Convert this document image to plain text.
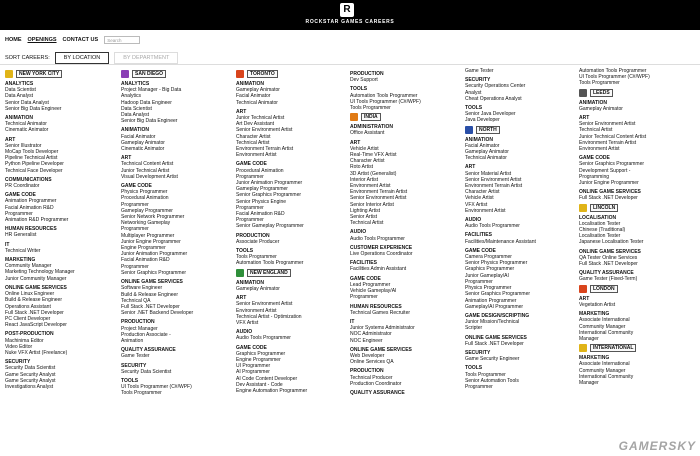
R
ROCKSTAR GAMES CAREERS
HOME OPENINGS CONTACT US	Search
SORT CAREERS:	BY LOCATION	BY DEPARTMENT
NEW YORK CITY
ANALYTICS
Data Scientist
Data Analyst
Senior Data Analyst
Senior Big Data Engineer
ANIMATION
Technical Animator
Cinematic Animator
ART
Senior Illustrator
MoCap Tools Developer
Pipeline Technical Artist
Python Pipeline Developer
Technical Face Developer
COMMUNICATIONS
PR Coordinator
GAME CODE
Animation Programmer
Facial Animation R&D
Programmer
Animation R&D Programmer
HUMAN RESOURCES
HR Generalist
IT
Technical Writer
MARKETING
Community Manager
Marketing Technology Manager
Junior Community Manager
ONLINE GAME SERVICES
Online Linux Engineer
Build & Release Engineer
Operations Assistant
Full Stack .NET Developer
PC Client Developer
React JavaScript Developer
POST-PRODUCTION
Machinima Editor
Video Editor
Nuke VFX Artist (Freelance)
SECURITY
Security Data Scientist
Game Security Analyst
Game Security Analyst
Investigations Analyst
SAN DIEGO
ANALYTICS
Project Manager - Big Data
Analytics
Hadoop Data Engineer
Data Scientist
Data Analyst
Senior Big Data Engineer
ANIMATION
Facial Animator
Gameplay Animator
Cinematic Animator
ART
Technical Content Artist
Junior Technical Artist
Visual Development Artist
GAME CODE
Physics Programmer
Procedural Animation
Programmer
Gameplay Programmer
Senior Network Programmer
Networking Gameplay
Programmer
Multiplayer Programmer
Junior Engine Programmer
Engine Programmer
Junior Animation Programmer
Facial Animation R&D
Programmer
Senior Graphics Programmer
ONLINE GAME SERVICES
Software Engineer
Build & Release Engineer
Technical QA
Full Stack .NET Developer
Senior .NET Backend Developer
PRODUCTION
Project Manager
Production Associate -
Animation
QUALITY ASSURANCE
Game Tester
SECURITY
Security Data Scientist
TOOLS
UI Tools Programmer (C#/WPF)
Tools Programmer
TORONTO
ANIMATION
Gameplay Animator
Facial Animator
Technical Animator
ART
Junior Technical Artist
Art Dev Assistant
Senior Environment Artist
Character Artist
Technical Artist
Environment Terrain Artist
Environment Artist
GAME CODE
Procedural Animation
Programmer
Junior Animation Programmer
Gameplay Programmer
Senior Graphics Programmer
Senior Physics Engine
Programmer
Facial Animation R&D
Programmer
Senior Gameplay Programmer
PRODUCTION
Associate Producer
TOOLS
Tools Programmer
Automation Tools Programmer
NEW ENGLAND
ANIMATION
Gameplay Animator
ART
Senior Environment Artist
Environment Artist
Technical Artist - Optimization
VFX Artist
AUDIO
Audio Tools Programmer
GAME CODE
Graphics Programmer
Engine Programmer
UI Programmer
AI Programmer
AI Code Content Developer
Dev Assistant - Code
Engine Automation Programmer
PRODUCTION
Dev Support
TOOLS
Automation Tools Programmer
UI Tools Programmer (C#/WPF)
Tools Programmer
INDIA
ADMINISTRATION
Office Assistant
ART
Vehicle Artist
Real-Time VFX Artist
Character Artist
Roto Artist
3D Artist (Generalist)
Interior Artist
Environment Artist
Environment Terrain Artist
Senior Environment Artist
Senior Interior Artist
Lighting Artist
Senior Artist
Technical Artist
AUDIO
Audio Tools Programmer
CUSTOMER EXPERIENCE
Live Operations Coordinator
FACILITIES
Facilities Admin Assistant
GAME CODE
Lead Programmer
Vehicle Gameplay/AI
Programmer
HUMAN RESOURCES
Technical Games Recruiter
IT
Junior Systems Administrator
NOC Administrator
NOC Engineer
ONLINE GAME SERVICES
Web Developer
Online Services QA
PRODUCTION
Technical Producer
Production Coordinator
QUALITY ASSURANCE
Game Tester
SECURITY
Security Operations Center
Analyst
Cheat Operations Analyst
TOOLS
Senior Java Developer
Java Developer
NORTH
ANIMATION
Facial Animator
Gameplay Animator
Technical Animator
ART
Senior Material Artist
Senior Environment Artist
Environment Terrain Artist
Character Artist
Vehicle Artist
VFX Artist
Environment Artist
AUDIO
Audio Tools Programmer
FACILITIES
Facilities/Maintenance Assistant
GAME CODE
Camera Programmer
Senior Physics Programmer
Graphics Programmer
Junior Gameplay/AI
Programmer
Physics Programmer
Senior Graphics Programmer
Animation Programmer
Gameplay/AI Programmer
GAME DESIGN/SCRIPTING
Junior Mission/Technical
Scripter
ONLINE GAME SERVICES
Full Stack .NET Developer
SECURITY
Game Security Engineer
TOOLS
Tools Programmer
Senior Automation Tools
Programmer
Automation Tools Programmer
UI Tools Programmer (C#/WPF)
Tools Programmer
LEEDS
ANIMATION
Gameplay Animator
ART
Senior Environment Artist
Technical Artist
Junior Technical Content Artist
Environment Terrain Artist
Environment Artist
GAME CODE
Senior Graphics Programmer
Development Support -
Programming
Junior Engine Programmer
ONLINE GAME SERVICES
Full Stack .NET Developer
LINCOLN
LOCALISATION
Localisation Tester
Chinese (Traditional)
Localisation Tester
Japanese Localisation Tester
ONLINE GAME SERVICES
QA Tester Online Services
Full Stack .NET Developer
QUALITY ASSURANCE
Game Tester (Fixed-Term)
LONDON
ART
Vegetation Artist
MARKETING
Associate International
Community Manager
International Community
Manager
INTERNATIONAL
MARKETING
Associate International
Community Manager
International Community
Manager
GAMERSKY
